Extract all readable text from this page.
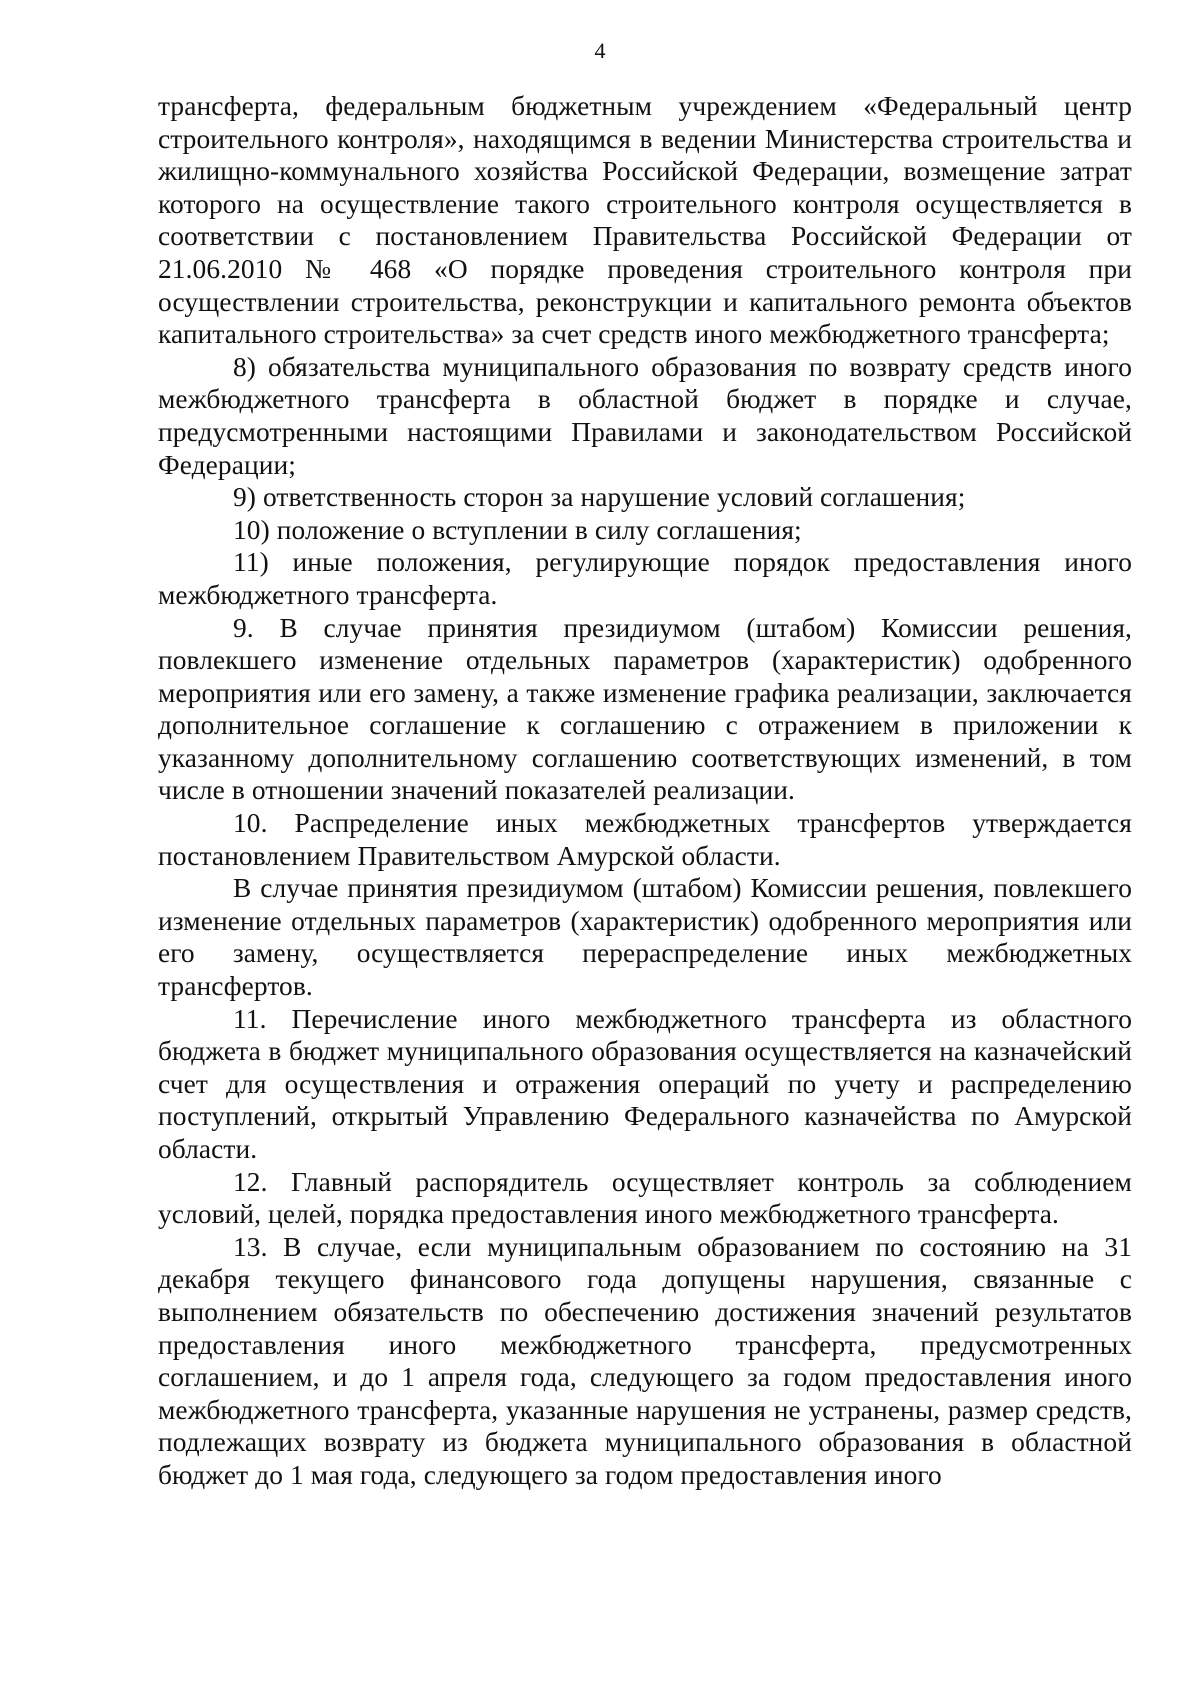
4

трансферта, федеральным бюджетным учреждением «Федеральный центр строительного контроля», находящимся в ведении Министерства строительства и жилищно-коммунального хозяйства Российской Федерации, возмещение затрат которого на осуществление такого строительного контроля осуществляется в соответствии с постановлением Правительства Российской Федерации от 21.06.2010 № 468 «О порядке проведения строительного контроля при осуществлении строительства, реконструкции и капитального ремонта объектов капитального строительства» за счет средств иного межбюджетного трансферта;

8) обязательства муниципального образования по возврату средств иного межбюджетного трансферта в областной бюджет в порядке и случае, предусмотренными настоящими Правилами и законодательством Российской Федерации;

9) ответственность сторон за нарушение условий соглашения;

10) положение о вступлении в силу соглашения;

11) иные положения, регулирующие порядок предоставления иного межбюджетного трансферта.

9. В случае принятия президиумом (штабом) Комиссии решения, повлекшего изменение отдельных параметров (характеристик) одобренного мероприятия или его замену, а также изменение графика реализации, заключается дополнительное соглашение к соглашению с отражением в приложении к указанному дополнительному соглашению соответствующих изменений, в том числе в отношении значений показателей реализации.

10. Распределение иных межбюджетных трансфертов утверждается постановлением Правительством Амурской области.

В случае принятия президиумом (штабом) Комиссии решения, повлекшего изменение отдельных параметров (характеристик) одобренного мероприятия или его замену, осуществляется перераспределение иных межбюджетных трансфертов.

11. Перечисление иного межбюджетного трансферта из областного бюджета в бюджет муниципального образования осуществляется на казначейский счет для осуществления и отражения операций по учету и распределению поступлений, открытый Управлению Федерального казначейства по Амурской области.

12. Главный распорядитель осуществляет контроль за соблюдением условий, целей, порядка предоставления иного межбюджетного трансферта.

13. В случае, если муниципальным образованием по состоянию на 31 декабря текущего финансового года допущены нарушения, связанные с выполнением обязательств по обеспечению достижения значений результатов предоставления иного межбюджетного трансферта, предусмотренных соглашением, и до 1 апреля года, следующего за годом предоставления иного межбюджетного трансферта, указанные нарушения не устранены, размер средств, подлежащих возврату из бюджета муниципального образования в областной бюджет до 1 мая года, следующего за годом предоставления иного
